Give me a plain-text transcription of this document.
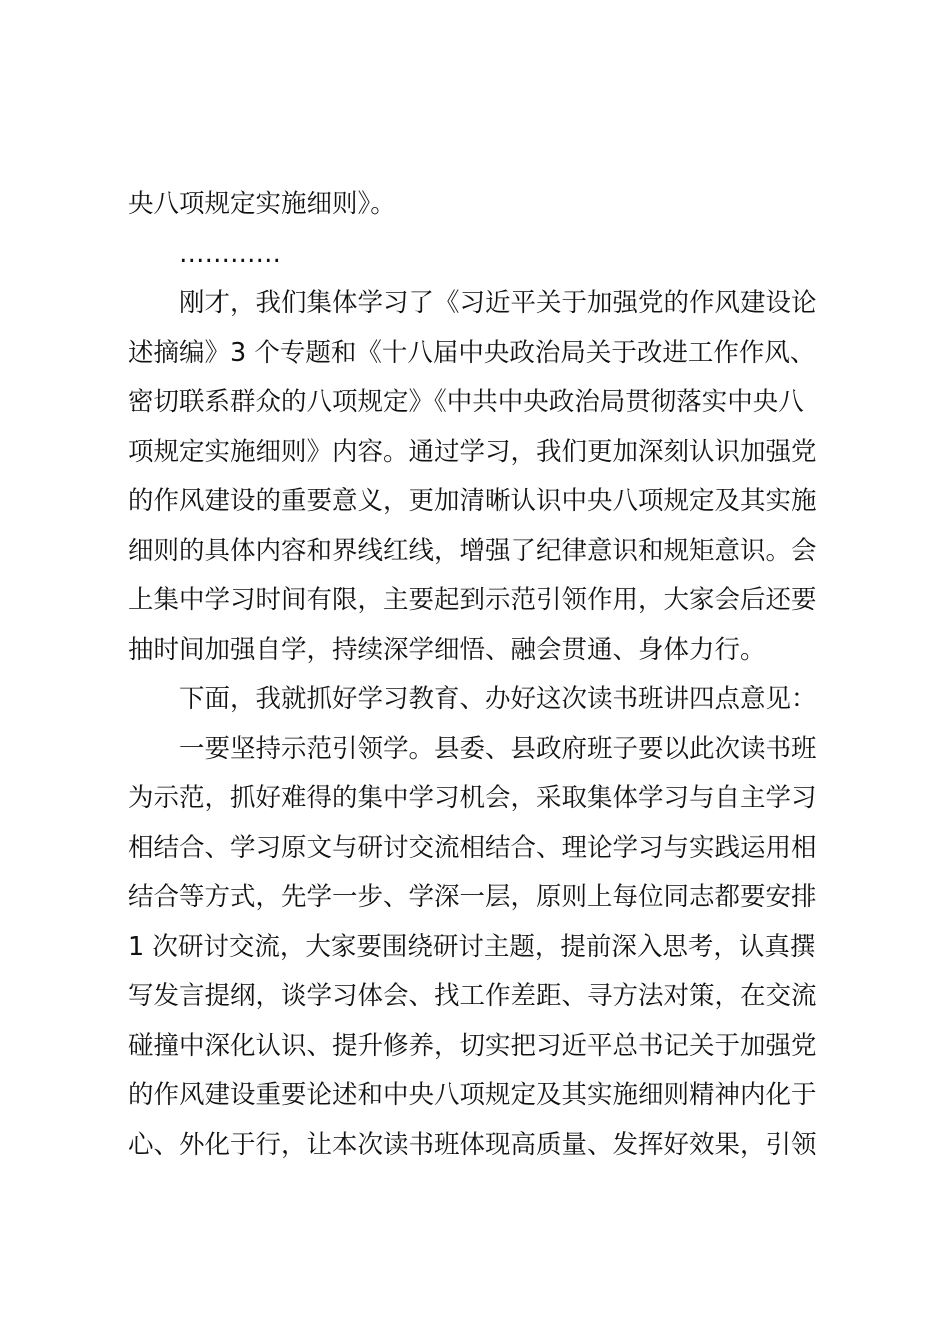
央八项规定实施细则》。
…………
刚才，我们集体学习了《习近平关于加强党的作风建设论
述摘编》3 个专题和《十八届中央政治局关于改进工作作风、
密切联系群众的八项规定》《中共中央政治局贯彻落实中央八
项规定实施细则》内容。通过学习，我们更加深刻认识加强党
的作风建设的重要意义，更加清晰认识中央八项规定及其实施
细则的具体内容和界线红线，增强了纪律意识和规矩意识。会
上集中学习时间有限，主要起到示范引领作用，大家会后还要
抽时间加强自学，持续深学细悟、融会贯通、身体力行。
下面，我就抓好学习教育、办好这次读书班讲四点意见：
一要坚持示范引领学。县委、县政府班子要以此次读书班
为示范，抓好难得的集中学习机会，采取集体学习与自主学习
相结合、学习原文与研讨交流相结合、理论学习与实践运用相
结合等方式，先学一步、学深一层，原则上每位同志都要安排
1 次研讨交流，大家要围绕研讨主题，提前深入思考，认真撰
写发言提纲，谈学习体会、找工作差距、寻方法对策，在交流
碰撞中深化认识、提升修养，切实把习近平总书记关于加强党
的作风建设重要论述和中央八项规定及其实施细则精神内化于
心、外化于行，让本次读书班体现高质量、发挥好效果，引领
